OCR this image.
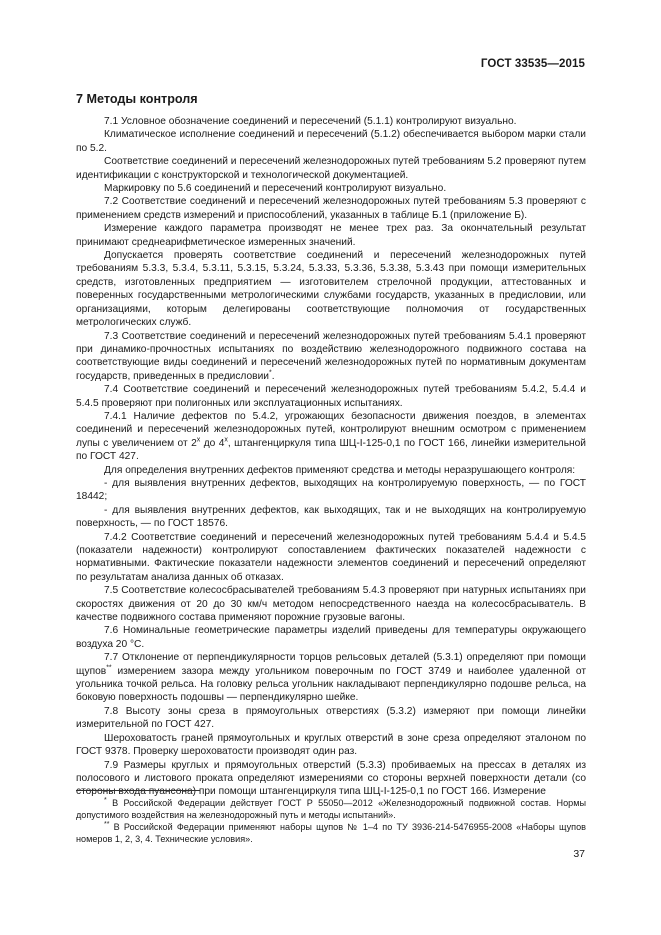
ГОСТ 33535—2015
7 Методы контроля

7.1 Условное обозначение соединений и пересечений (5.1.1) контролируют визуально.

Климатическое исполнение соединений и пересечений (5.1.2) обеспечивается выбором марки стали по 5.2.

Соответствие соединений и пересечений железнодорожных путей требованиям 5.2 проверяют путем идентификации с конструкторской и технологической документацией.

Маркировку по 5.6 соединений и пересечений контролируют визуально.

7.2 Соответствие соединений и пересечений железнодорожных путей требованиям 5.3 проверяют с применением средств измерений и приспособлений, указанных в таблице Б.1 (приложение Б).

Измерение каждого параметра производят не менее трех раз. За окончательный результат принимают среднеарифметическое измеренных значений.

Допускается проверять соответствие соединений и пересечений железнодорожных путей требованиям 5.3.3, 5.3.4, 5.3.11, 5.3.15, 5.3.24, 5.3.33, 5.3.36, 5.3.38, 5.3.43 при помощи измерительных средств, изготовленных предприятием — изготовителем стрелочной продукции, аттестованных и поверенных государственными метрологическими службами государств, указанных в предисловии, или организациями, которым делегированы соответствующие полномочия от государственных метрологических служб.

7.3 Соответствие соединений и пересечений железнодорожных путей требованиям 5.4.1 проверяют при динамико-прочностных испытаниях по воздействию железнодорожного подвижного состава на соответствующие виды соединений и пересечений железнодорожных путей по нормативным документам государств, приведенных в предисловии*.

7.4 Соответствие соединений и пересечений железнодорожных путей требованиям 5.4.2, 5.4.4 и 5.4.5 проверяют при полигонных или эксплуатационных испытаниях.

7.4.1 Наличие дефектов по 5.4.2, угрожающих безопасности движения поездов, в элементах соединений и пересечений железнодорожных путей, контролируют внешним осмотром с применением лупы с увеличением от $2^х$ до $4^х$, штангенциркуля типа ШЦ-I-125-0,1 по ГОСТ 166, линейки измерительной по ГОСТ 427.

Для определения внутренних дефектов применяют средства и методы неразрушающего контроля:

- для выявления внутренних дефектов, выходящих на контролируемую поверхность, — по ГОСТ 18442;

- для выявления внутренних дефектов, как выходящих, так и не выходящих на контролируемую поверхность, — по ГОСТ 18576.

7.4.2 Соответствие соединений и пересечений железнодорожных путей требованиям 5.4.4 и 5.4.5 (показатели надежности) контролируют сопоставлением фактических показателей надежности с нормативными. Фактические показатели надежности элементов соединений и пересечений определяют по результатам анализа данных об отказах.

7.5 Соответствие колесосбрасывателей требованиям 5.4.3 проверяют при натурных испытаниях при скоростях движения от 20 до 30 км/ч методом непосредственного наезда на колесосбрасыватель. В качестве подвижного состава применяют порожние грузовые вагоны.

7.6 Номинальные геометрические параметры изделий приведены для температуры окружающего воздуха 20 °С.

7.7 Отклонение от перпендикулярности торцов рельсовых деталей (5.3.1) определяют при помощи щупов** измерением зазора между угольником поверочным по ГОСТ 3749 и наиболее удаленной от угольника точкой рельса. На головку рельса угольник накладывают перпендикулярно подошве рельса, на боковую поверхность подошвы — перпендикулярно шейке.

7.8 Высоту зоны среза в прямоугольных отверстиях (5.3.2) измеряют при помощи линейки измерительной по ГОСТ 427.

Шероховатость граней прямоугольных и круглых отверстий в зоне среза определяют эталоном по ГОСТ 9378. Проверку шероховатости производят один раз.

7.9 Размеры круглых и прямоугольных отверстий (5.3.3) пробиваемых на прессах в деталях из полосового и листового проката определяют измерениями со стороны верхней поверхности детали (со стороны входа пуансона) при помощи штангенциркуля типа ШЦ-I-125-0,1 по ГОСТ 166. Измерение

* В Российской Федерации действует ГОСТ Р 55050—2012 «Железнодорожный подвижной состав. Нормы допустимого воздействия на железнодорожный путь и методы испытаний».

** В Российской Федерации применяют наборы щупов № 1–4 по ТУ 3936-214-5476955-2008 «Наборы щупов номеров 1, 2, 3, 4. Технические условия».

37
